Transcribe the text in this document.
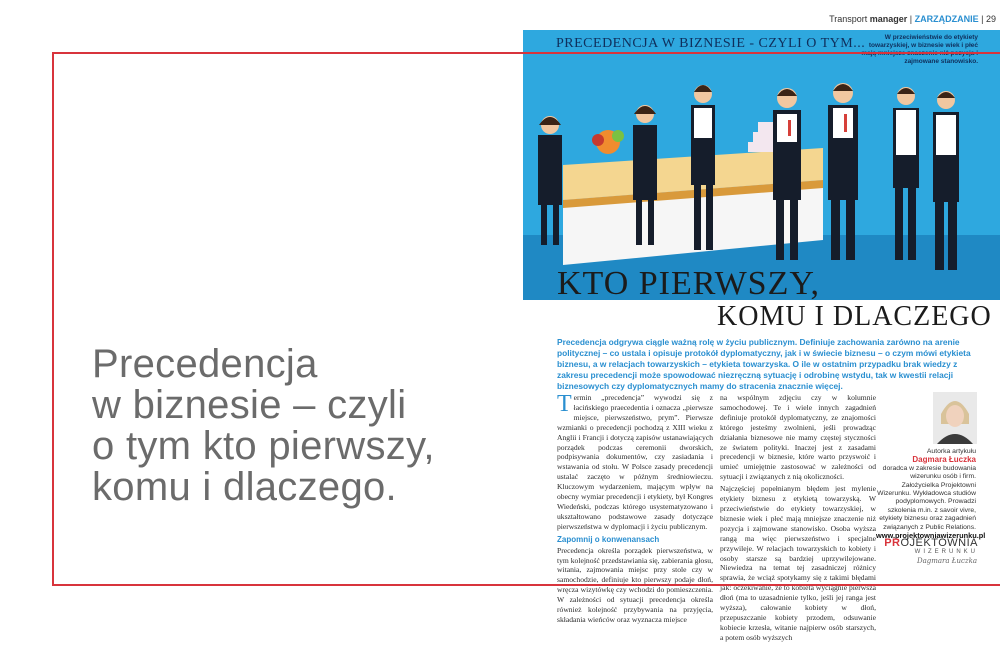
Transport manager | ZARZĄDZANIE | 29
PRECEDENCJA W BIZNESIE - CZYLI O TYM...	W przeciwieństwie do etykiety towarzyskiej, w biznesie wiek i płeć mają mniejsze znaczenie niż pozycja i zajmowane stanowisko.
KTO PIERWSZY,
KOMU I DLACZEGO
Precedencja odgrywa ciągle ważną rolę w życiu publicznym. Definiuje zachowania zarówno na arenie politycznej – co ustala i opisuje protokół dyplomatyczny, jak i w świecie biznesu – o czym mówi etykieta biznesu, a w relacjach towarzyskich – etykieta towarzyska. O ile w ostatnim przypadku brak wiedzy z zakresu precedencji może spowodować niezręczną sytuację i odrobinę wstydu, tak w kwestii relacji biznesowych czy dyplomatycznych mamy do stracenia znacznie więcej.

Termin „precedencja” wywodzi się z łacińskiego praecedentia i oznacza „pierwsze miejsce, pierwszeństwo, prym”. Pierwsze wzmianki o precedencji pochodzą z XIII wieku z Anglii i Francji i dotyczą zapisów ustanawiających porządek podczas ceremonii dworskich, podpisywania dokumentów, czy zasiadania i wstawania od stołu. W Polsce zasady precedencji ustalać zaczęto w późnym średniowieczu. Kluczowym wydarzeniem, mającym wpływ na obecny wymiar precedencji i etykiety, był Kongres Wiedeński, podczas którego usystematyzowano i ukształtowano podstawowe zasady dotyczące pierwszeństwa w dyplomacji i życiu publicznym.

Zapomnij o konwenansach

Precedencja określa porządek pierwszeństwa, w tym kolejność przedstawiania się, zabierania głosu, witania, zajmowania miejsc przy stole czy w samochodzie, definiuje kto pierwszy podaje dłoń, wręcza wizytówkę czy wchodzi do pomieszczenia. W zależności od sytuacji precedencja określa również kolejność przybywania na przyjęcia, składania wieńców oraz wyznacza miejsce

na wspólnym zdjęciu czy w kolumnie samochodowej. Te i wiele innych zagadnień definiuje protokół dyplomatyczny, ze znajomości którego jesteśmy zwolnieni, jeśli prowadząc działania biznesowe nie mamy częstej styczności ze światem polityki. Inaczej jest z zasadami precedencji w biznesie, które warto przyswoić i umieć umiejętnie zastosować w zależności od sytuacji i związanych z nią okoliczności.

Najczęściej popełnianym błędem jest mylenie etykiety biznesu z etykietą towarzyską. W przeciwieństwie do etykiety towarzyskiej, w biznesie wiek i płeć mają mniejsze znaczenie niż pozycja i zajmowane stanowisko. Osoba wyższa rangą ma więc pierwszeństwo i specjalne przywileje. W relacjach towarzyskich to kobiety i osoby starsze są bardziej uprzywilejowane. Niewiedza na temat tej zasadniczej różnicy sprawia, że wciąż spotykamy się z takimi błędami jak: oczekiwanie, że to kobieta wyciągnie pierwsza dłoń (ma to uzasadnienie tylko, jeśli jej ranga jest wyższa), całowanie kobiety w dłoń, przepuszczanie kobiety przodem, odsuwanie kobiecie krzesła, witanie najpierw osób starszych, a potem osób wyższych

Autorka artykułu
Dagmara Łuczka
doradca w zakresie budowania wizerunku osób i firm. Założycielka Projektowni Wizerunku. Wykładowca studiów podyplomowych. Prowadzi szkolenia m.in. z savoir vivre, etykiety biznesu oraz zagadnień związanych z Public Relations.
www.projektowniawizerunku.pl
PROJEKTOWNIA
WIZERUNKU
Dagmara Łuczka
Precedencja
w biznesie – czyli
o tym kto pierwszy,
komu i dlaczego.
